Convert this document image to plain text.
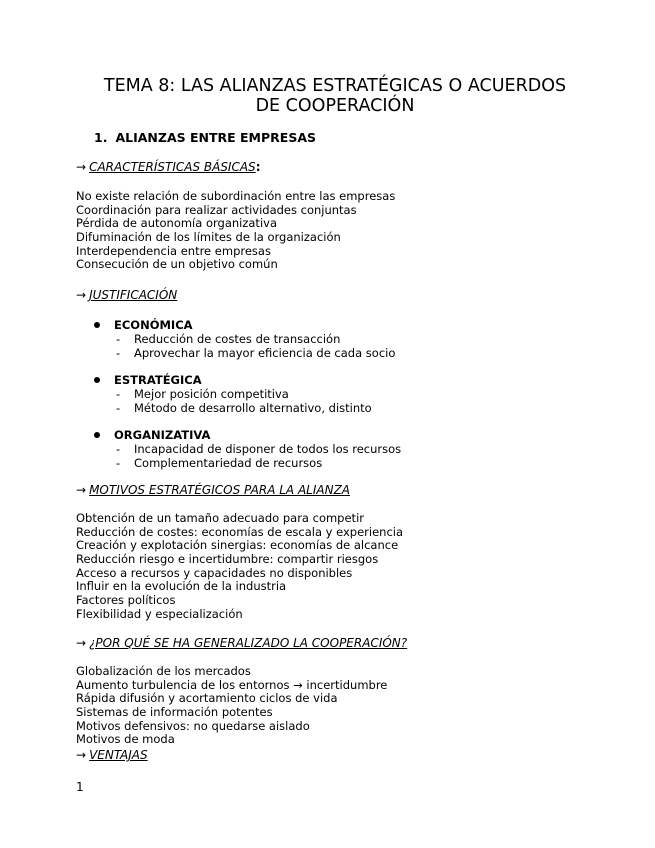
TEMA 8: LAS ALIANZAS ESTRATÉGICAS O ACUERDOS
DE COOPERACIÓN
1. ALIANZAS ENTRE EMPRESAS
→ CARACTERÍSTICAS BÁSICAS:
No existe relación de subordinación entre las empresas
Coordinación para realizar actividades conjuntas
Pérdida de autonomía organizativa
Difuminación de los límites de la organización
Interdependencia entre empresas
Consecución de un objetivo común
→ JUSTIFICACIÓN
ECONÓMICA
-	Reducción de costes de transacción
-	Aprovechar la mayor eficiencia de cada socio
ESTRATÉGICA
-	Mejor posición competitiva
-	Método de desarrollo alternativo, distinto
ORGANIZATIVA
-	Incapacidad de disponer de todos los recursos
-	Complementariedad de recursos
→ MOTIVOS ESTRATÉGICOS PARA LA ALIANZA
Obtención de un tamaño adecuado para competir
Reducción de costes: economías de escala y experiencia
Creación y explotación sinergias: economías de alcance
Reducción riesgo e incertidumbre: compartir riesgos
Acceso a recursos y capacidades no disponibles
Influir en la evolución de la industria
Factores políticos
Flexibilidad y especialización
→ ¿POR QUÉ SE HA GENERALIZADO LA COOPERACIÓN?
Globalización de los mercados
Aumento turbulencia de los entornos → incertidumbre
Rápida difusión y acortamiento ciclos de vida
Sistemas de información potentes
Motivos defensivos: no quedarse aislado
Motivos de moda
→ VENTAJAS
1
